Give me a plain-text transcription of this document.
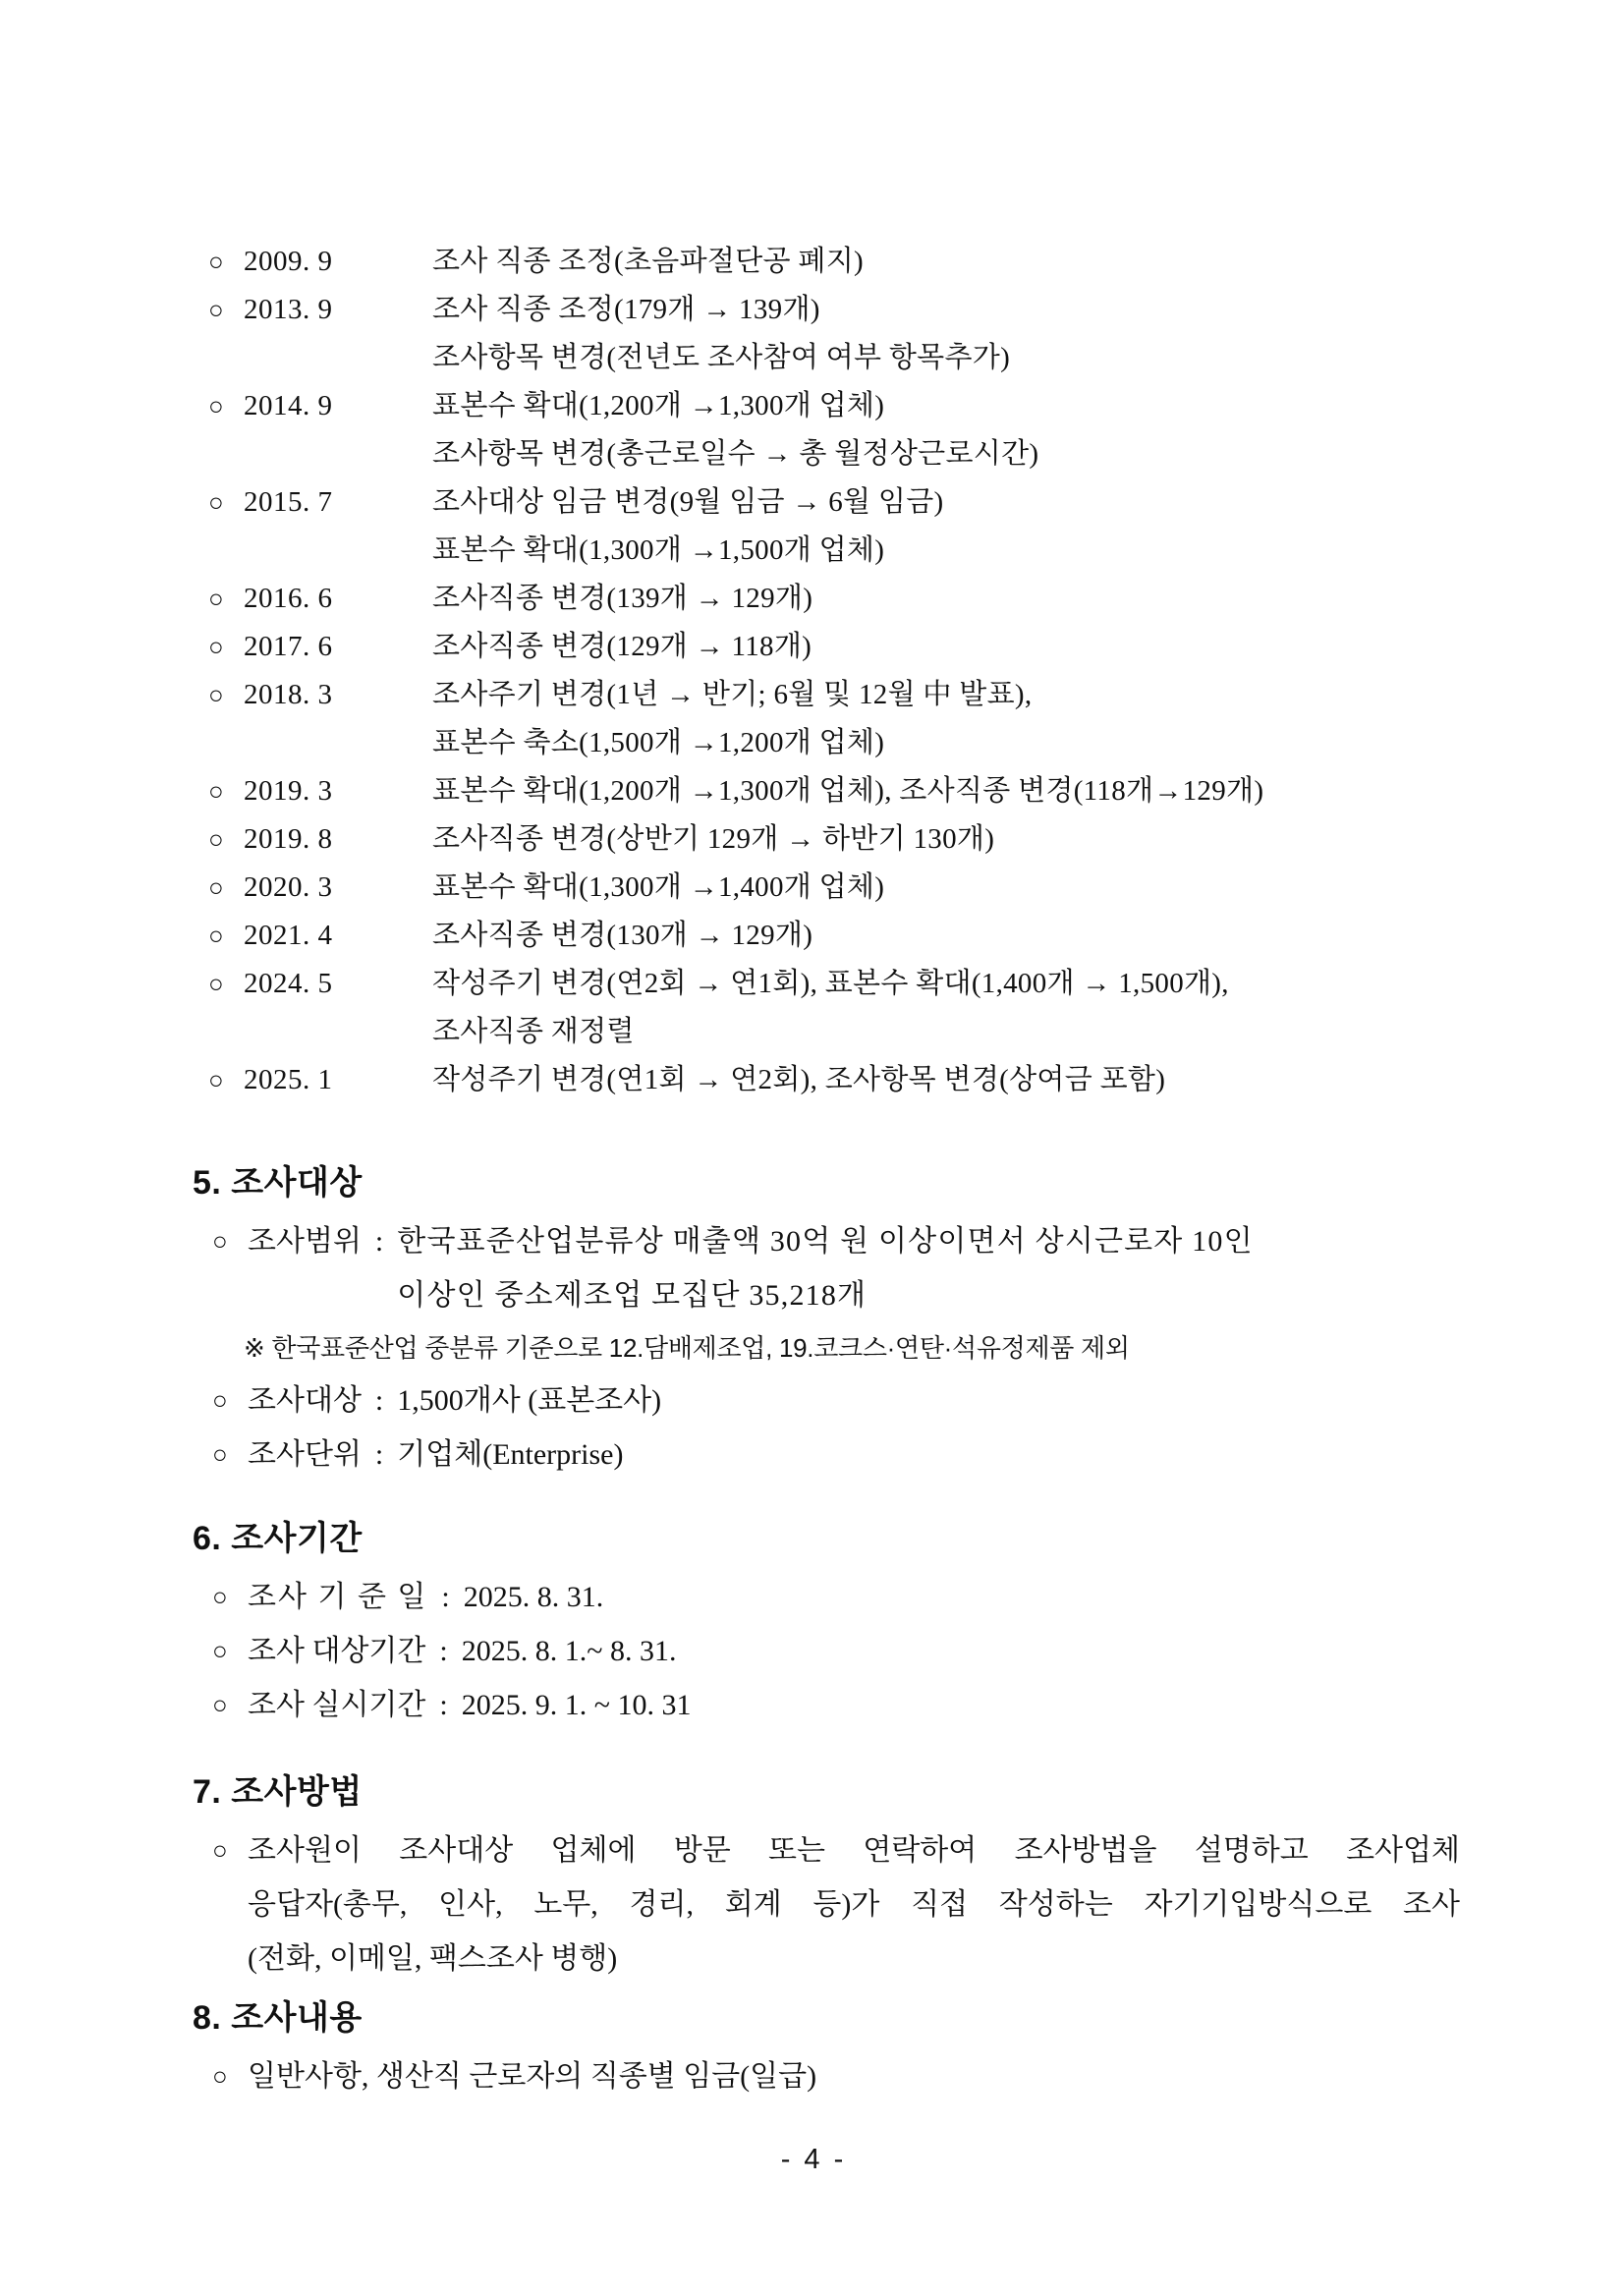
○ 2009. 9	조사 직종 조정(초음파절단공 폐지)
○ 2013. 9	조사 직종 조정(179개 → 139개)
조사항목 변경(전년도 조사참여 여부 항목추가)
○ 2014. 9	표본수 확대(1,200개 →1,300개 업체)
조사항목 변경(총근로일수 → 총 월정상근로시간)
○ 2015. 7	조사대상 임금 변경(9월 임금 → 6월 임금)
표본수 확대(1,300개 →1,500개 업체)
○ 2016. 6	조사직종 변경(139개 → 129개)
○ 2017. 6	조사직종 변경(129개 → 118개)
○ 2018. 3	조사주기 변경(1년 → 반기; 6월 및 12월 中 발표),
표본수 축소(1,500개 →1,200개 업체)
○ 2019. 3	표본수 확대(1,200개 →1,300개 업체), 조사직종 변경(118개→129개)
○ 2019. 8	조사직종 변경(상반기 129개 → 하반기 130개)
○ 2020. 3	표본수 확대(1,300개 →1,400개 업체)
○ 2021. 4	조사직종 변경(130개 → 129개)
○ 2024. 5	작성주기 변경(연2회 → 연1회), 표본수 확대(1,400개 → 1,500개),
조사직종 재정렬
○ 2025. 1	작성주기 변경(연1회 → 연2회), 조사항목 변경(상여금 포함)
5. 조사대상
○ 조사범위 : 한국표준산업분류상 매출액 30억 원 이상이면서 상시근로자 10인
이상인 중소제조업 모집단 35,218개
※ 한국표준산업 중분류 기준으로 12.담배제조업, 19.코크스·연탄·석유정제품 제외
○ 조사대상 : 1,500개사 (표본조사)
○ 조사단위 : 기업체(Enterprise)
6. 조사기간
○ 조사 기 준 일 : 2025. 8. 31.
○ 조사 대상기간 : 2025. 8. 1.~ 8. 31.
○ 조사 실시기간 : 2025. 9. 1. ~ 10. 31
7. 조사방법
○ 조사원이 조사대상 업체에 방문 또는 연락하여 조사방법을 설명하고 조사업체
응답자(총무, 인사, 노무, 경리, 회계 등)가 직접 작성하는 자기기입방식으로 조사
(전화, 이메일, 팩스조사 병행)
8. 조사내용
○ 일반사항, 생산직 근로자의 직종별 임금(일급)
- 4 -
